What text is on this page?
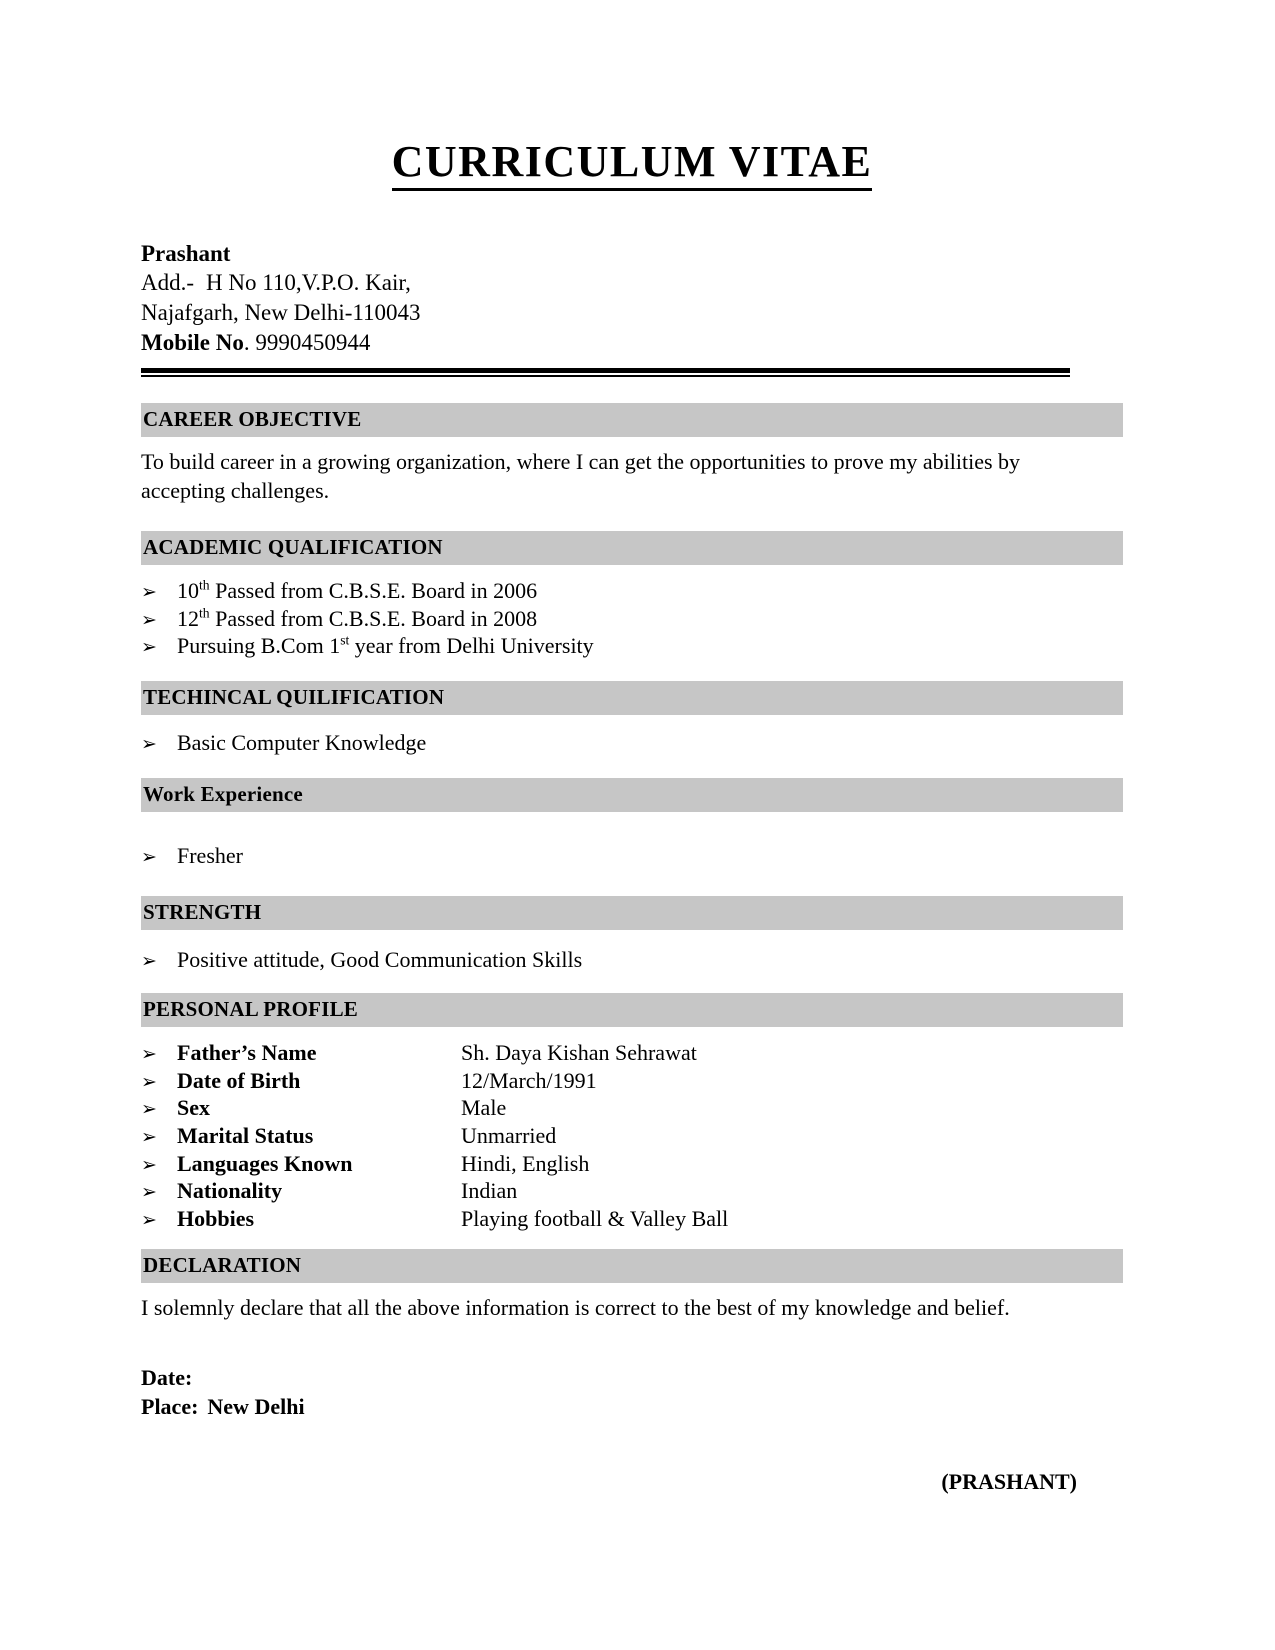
CURRICULUM VITAE
Prashant
Add.- H No 110,V.P.O. Kair,
Najafgarh, New Delhi-110043
Mobile No. 9990450944
CAREER OBJECTIVE
To build career in a growing organization, where I can get the opportunities to prove my abilities by accepting challenges.
ACADEMIC QUALIFICATION
➢ 10th Passed from C.B.S.E. Board in 2006
➢ 12th Passed from C.B.S.E. Board in 2008
➢ Pursuing B.Com 1st year from Delhi University
TECHINCAL QUILIFICATION
➢ Basic Computer Knowledge
Work Experience
➢ Fresher
STRENGTH
➢ Positive attitude, Good Communication Skills
PERSONAL PROFILE
➢ Father’s Name	Sh. Daya Kishan Sehrawat
➢ Date of Birth	12/March/1991
➢ Sex	Male
➢ Marital Status	Unmarried
➢ Languages Known	Hindi, English
➢ Nationality	Indian
➢ Hobbies	Playing football & Valley Ball
DECLARATION
I solemnly declare that all the above information is correct to the best of my knowledge and belief.
Date:
Place: New Delhi
(PRASHANT)
